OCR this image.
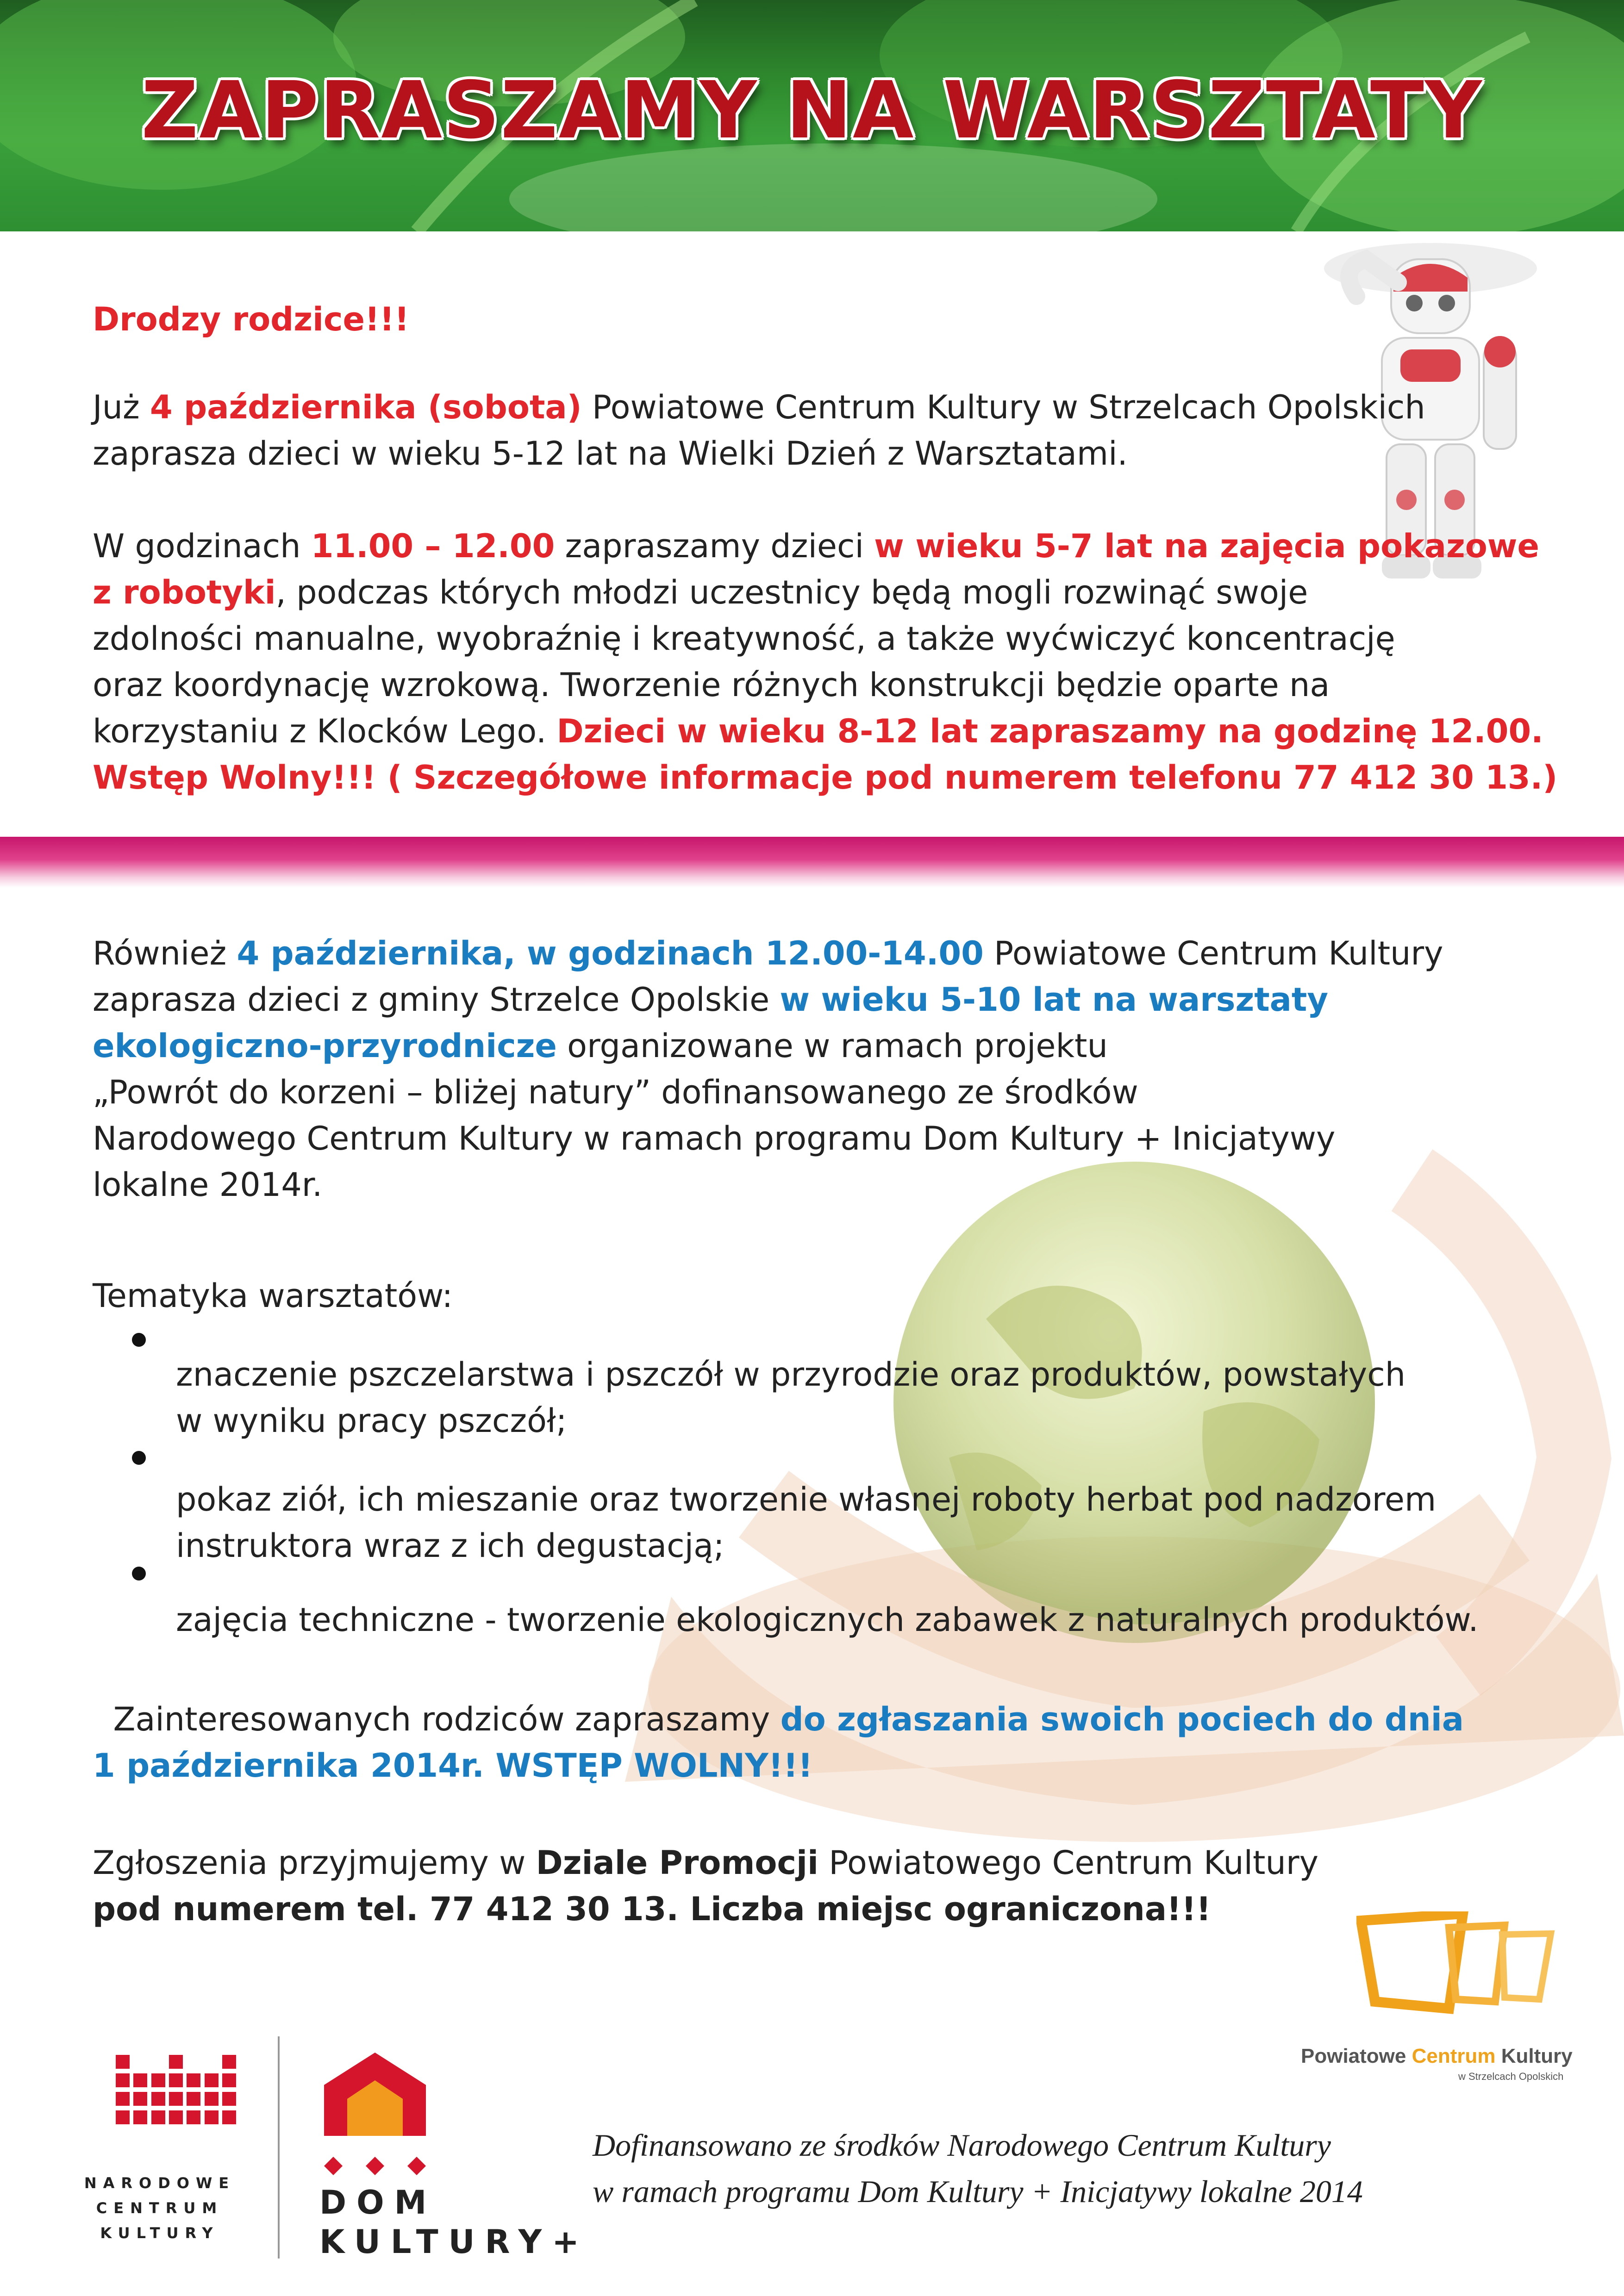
ZAPRASZAMY NA WARSZTATY
Drodzy rodzice!!!
Już 4 października (sobota) Powiatowe Centrum Kultury w Strzelcach Opolskich
zaprasza dzieci w wieku 5-12 lat na Wielki Dzień z Warsztatami.
W godzinach 11.00 – 12.00 zapraszamy dzieci w wieku 5-7 lat na zajęcia pokazowe
z robotyki, podczas których młodzi uczestnicy będą mogli rozwinąć swoje
zdolności manualne, wyobraźnię i kreatywność, a także wyćwiczyć koncentrację
oraz koordynację wzrokową. Tworzenie różnych konstrukcji będzie oparte na
korzystaniu z Klocków Lego. Dzieci w wieku 8-12 lat zapraszamy na godzinę 12.00.
Wstęp Wolny!!! ( Szczegółowe informacje pod numerem telefonu 77 412 30 13.)
Również 4 października, w godzinach 12.00-14.00 Powiatowe Centrum Kultury
zaprasza dzieci z gminy Strzelce Opolskie w wieku 5-10 lat na warsztaty
ekologiczno-przyrodnicze organizowane w ramach projektu
„Powrót do korzeni – bliżej natury” dofinansowanego ze środków
Narodowego Centrum Kultury w ramach programu Dom Kultury + Inicjatywy
lokalne 2014r.
Tematyka warsztatów:
znaczenie pszczelarstwa i pszczół w przyrodzie oraz produktów, powstałych
w wyniku pracy pszczół;
pokaz ziół, ich mieszanie oraz tworzenie własnej roboty herbat pod nadzorem
instruktora wraz z ich degustacją;
zajęcia techniczne - tworzenie ekologicznych zabawek z naturalnych produktów.
Zainteresowanych rodziców zapraszamy do zgłaszania swoich pociech do dnia
1 października 2014r. WSTĘP WOLNY!!!
Zgłoszenia przyjmujemy w Dziale Promocji Powiatowego Centrum Kultury
pod numerem tel. 77 412 30 13. Liczba miejsc ograniczona!!!
NARODOWE
CENTRUM
KULTURY
DOM
KULTURY+
Powiatowe Centrum Kultury
w Strzelcach Opolskich
Dofinansowano ze środków Narodowego Centrum Kultury
w ramach programu Dom Kultury + Inicjatywy lokalne 2014
